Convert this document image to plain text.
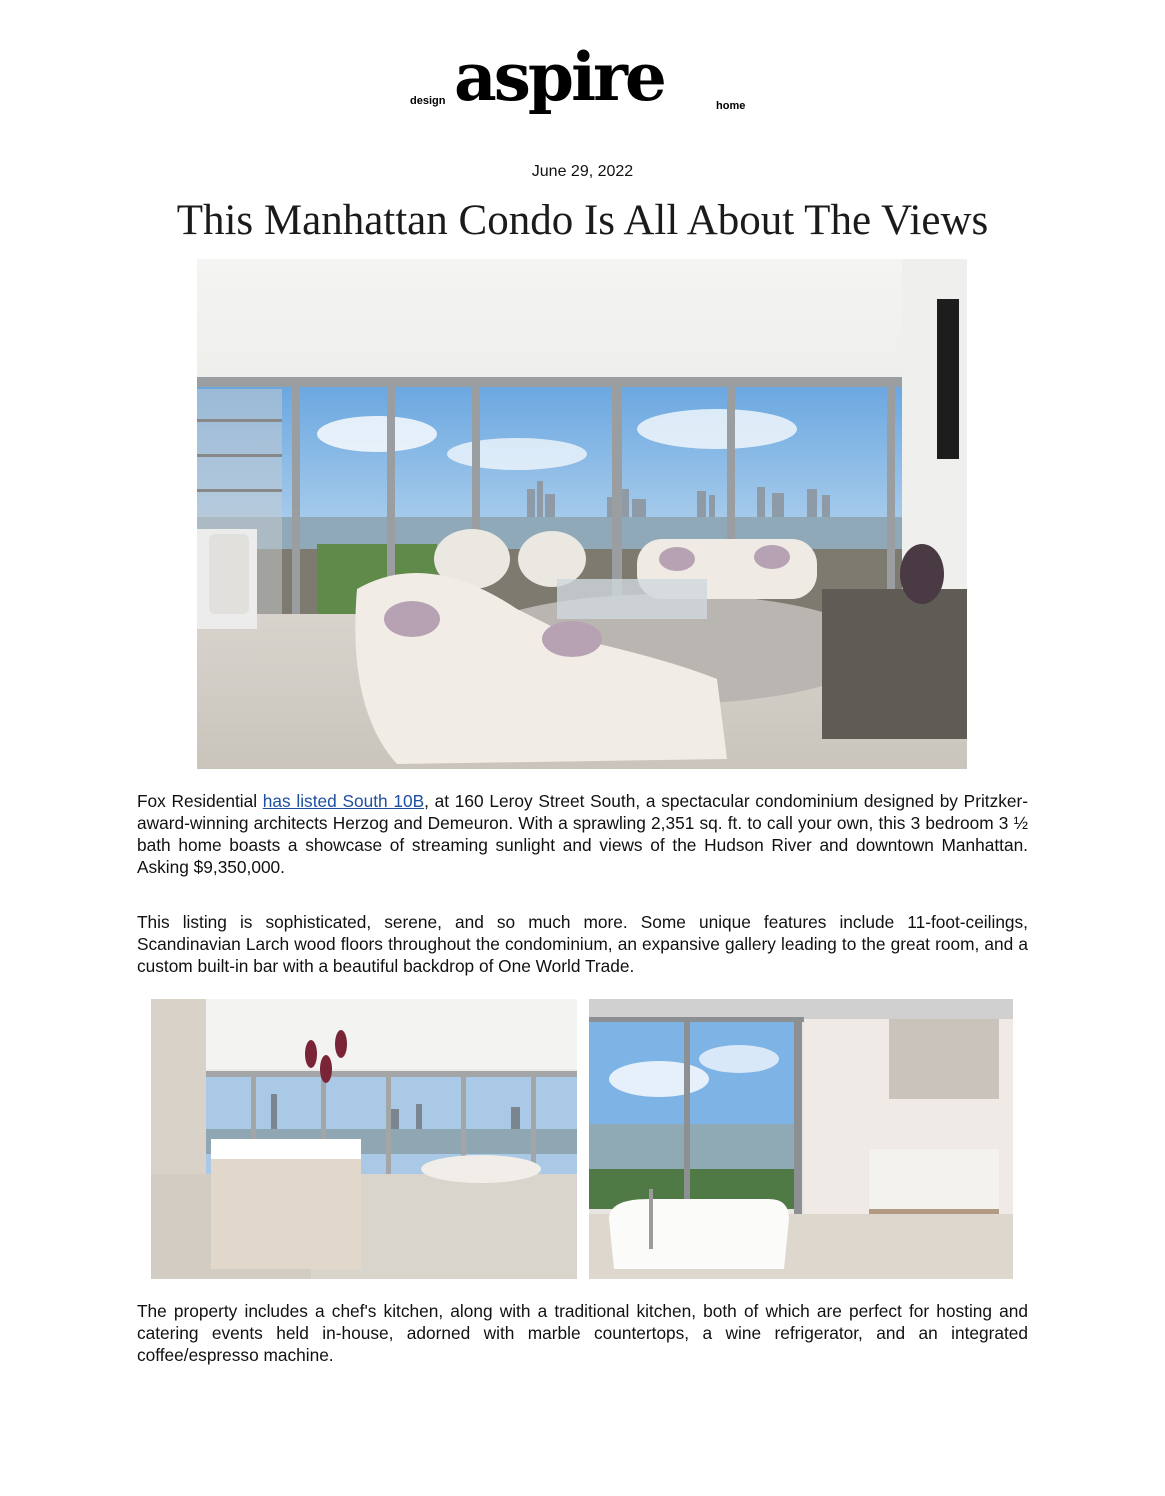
design aspire	home
June 29, 2022
This Manhattan Condo Is All About The Views

Fox Residential has listed South 10B, at 160 Leroy Street South, a spectacular condominium designed by Pritzker-award-winning architects Herzog and Demeuron. With a sprawling 2,351 sq. ft. to call your own, this 3 bedroom 3 ½ bath home boasts a showcase of streaming sunlight and views of the Hudson River and downtown Manhattan. Asking $9,350,000.

This listing is sophisticated, serene, and so much more. Some unique features include 11-foot-ceilings, Scandinavian Larch wood floors throughout the condominium, an expansive gallery leading to the great room, and a custom built-in bar with a beautiful backdrop of One World Trade.

The property includes a chef's kitchen, along with a traditional kitchen, both of which are perfect for hosting and catering events held in-house, adorned with marble countertops, a wine refrigerator, and an integrated coffee/espresso machine.
